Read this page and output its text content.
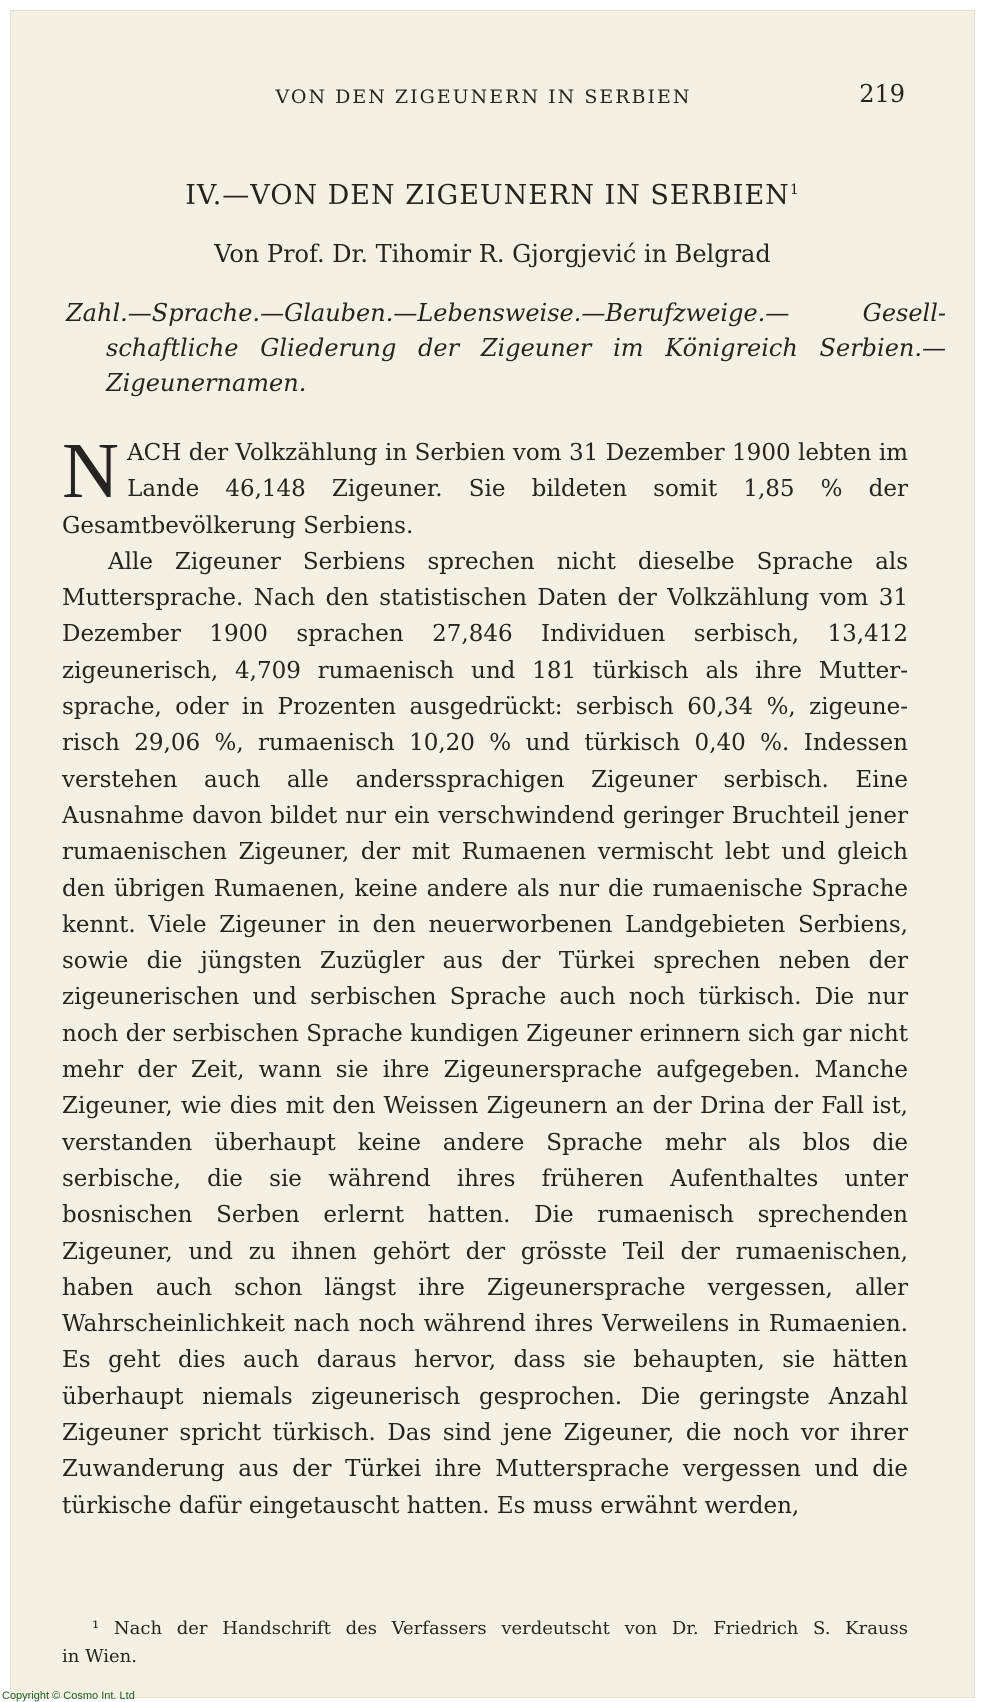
VON DEN ZIGEUNERN IN SERBIEN	219
IV.—VON DEN ZIGEUNERN IN SERBIEN$^1$
Von Prof. Dr. Tihomir R. Gjorgjević in Belgrad
Zahl.—Sprache.—Glauben.—Lebensweise.—Berufzweige.— Gesellschaftliche Gliederung der Zigeuner im Königreich Serbien.—Zigeunernamen.

NACH der Volkzählung in Serbien vom 31 Dezember 1900 lebten im Lande 46,148 Zigeuner. Sie bildeten somit 1,85 % der Gesamtbevölkerung Serbiens.

Alle Zigeuner Serbiens sprechen nicht dieselbe Sprache als Muttersprache. Nach den statistischen Daten der Volkzählung vom 31 Dezember 1900 sprachen 27,846 Individuen serbisch, 13,412 zigeunerisch, 4,709 rumaenisch und 181 türkisch als ihre Muttersprache, oder in Prozenten ausgedrückt: serbisch 60,34 %, zigeunerisch 29,06 %, rumaenisch 10,20 % und türkisch 0,40 %. Indessen verstehen auch alle anderssprachigen Zigeuner serbisch. Eine Ausnahme davon bildet nur ein verschwindend geringer Bruchteil jener rumaenischen Zigeuner, der mit Rumaenen vermischt lebt und gleich den übrigen Rumaenen, keine andere als nur die rumaenische Sprache kennt. Viele Zigeuner in den neuerworbenen Landgebieten Serbiens, sowie die jüngsten Zuzügler aus der Türkei sprechen neben der zigeunerischen und serbischen Sprache auch noch türkisch. Die nur noch der serbischen Sprache kundigen Zigeuner erinnern sich gar nicht mehr der Zeit, wann sie ihre Zigeunersprache aufgegeben. Manche Zigeuner, wie dies mit den Weissen Zigeunern an der Drina der Fall ist, verstanden überhaupt keine andere Sprache mehr als blos die serbische, die sie während ihres früheren Aufenthaltes unter bosnischen Serben erlernt hatten. Die rumaenisch sprechenden Zigeuner, und zu ihnen gehört der grösste Teil der rumaenischen, haben auch schon längst ihre Zigeunersprache vergessen, aller Wahrscheinlichkeit nach noch während ihres Verweilens in Rumaenien. Es geht dies auch daraus hervor, dass sie behaupten, sie hätten überhaupt niemals zigeunerisch gesprochen. Die geringste Anzahl Zigeuner spricht türkisch. Das sind jene Zigeuner, die noch vor ihrer Zuwanderung aus der Türkei ihre Muttersprache vergessen und die türkische dafür eingetauscht hatten. Es muss erwähnt werden,

¹ Nach der Handschrift des Verfassers verdeutscht von Dr. Friedrich S. Krauss
in Wien.
Copyright © Cosmo Int. Ltd
